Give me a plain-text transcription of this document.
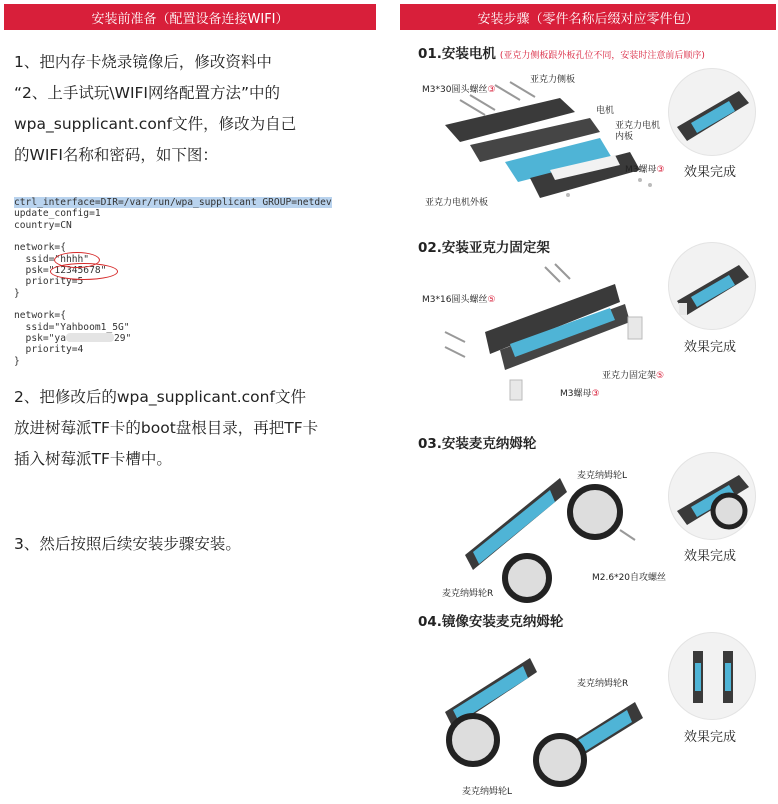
安装前准备（配置设备连接WIFI）
1、把内存卡烧录镜像后，修改资料中
“2、上手试玩\WIFI网络配置方法”中的
wpa_supplicant.conf文件，修改为自己
的WIFI名称和密码，如下图：
ctrl_interface=DIR=/var/run/wpa_supplicant GROUP=netdev
update_config=1
country=CN
network={
ssid="hhhh"
psk="12345678"
priority=5
}
network={
ssid="Yahboom1_5G"
psk="ya	29"
priority=4
}
2、把修改后的wpa_supplicant.conf文件
放进树莓派TF卡的boot盘根目录，再把TF卡
插入树莓派TF卡槽中。
3、然后按照后续安装步骤安装。
安装步骤（零件名称后缀对应零件包）
01.安装电机 (亚克力侧板跟外板孔位不同，安装时注意前后顺序)
M3*30圆头螺丝③
亚克力侧板
电机
亚克力电机
内板
M3螺母③
亚克力电机外板
效果完成
02.安装亚克力固定架
M3*16圆头螺丝⑤
亚克力固定架⑤
M3螺母③
效果完成
03.安装麦克纳姆轮
麦克纳姆轮L
M2.6*20自攻螺丝
麦克纳姆轮R
效果完成
04.镜像安装麦克纳姆轮
麦克纳姆轮R
麦克纳姆轮L
效果完成
